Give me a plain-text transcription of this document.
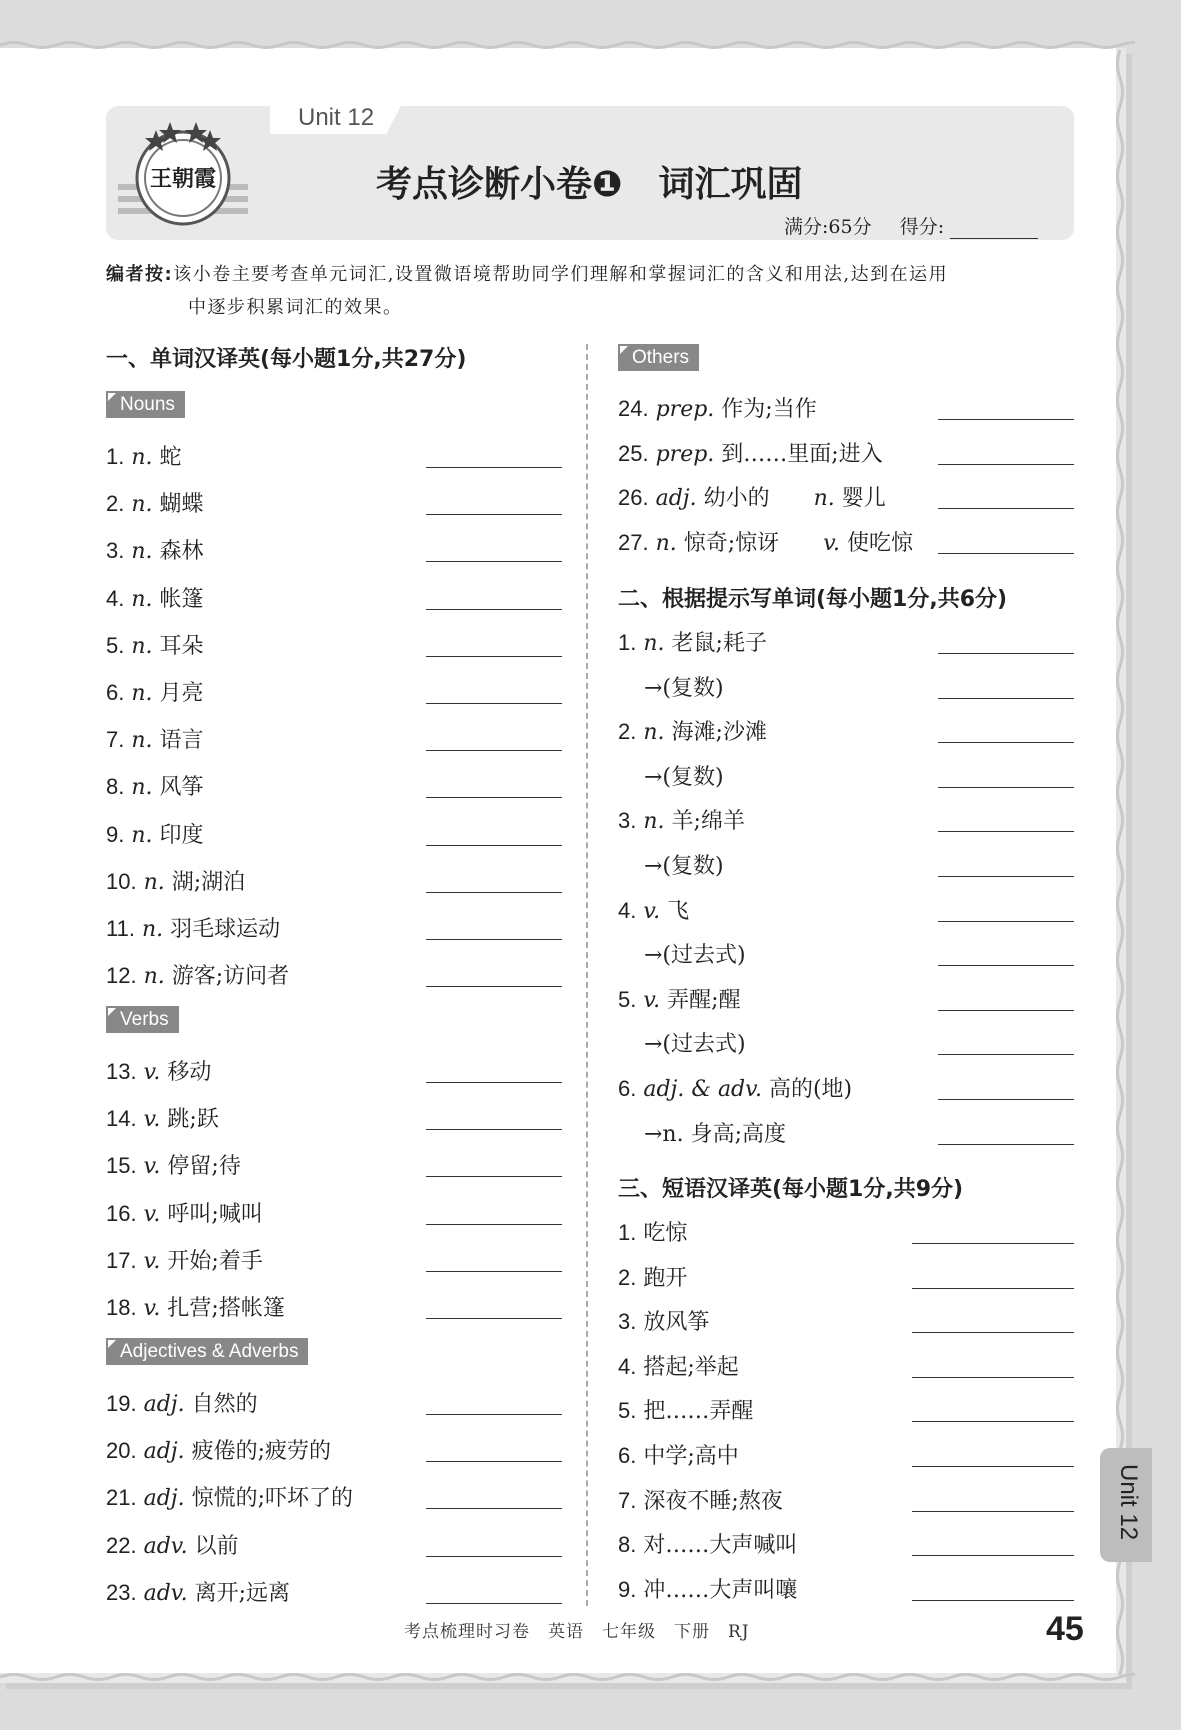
王朝霞
Unit 12
考点诊断小卷❶　词汇巩固
满分:65分 得分:
编者按:该小卷主要考查单元词汇,设置微语境帮助同学们理解和掌握词汇的含义和用法,达到在运用
中逐步积累词汇的效果。
一、单词汉译英(每小题1分,共27分)
Nouns
1. n. 蛇
2. n. 蝴蝶
3. n. 森林
4. n. 帐篷
5. n. 耳朵
6. n. 月亮
7. n. 语言
8. n. 风筝
9. n. 印度
10. n. 湖;湖泊
11. n. 羽毛球运动
12. n. 游客;访问者
Verbs
13. v. 移动
14. v. 跳;跃
15. v. 停留;待
16. v. 呼叫;喊叫
17. v. 开始;着手
18. v. 扎营;搭帐篷
Adjectives & Adverbs
19. adj. 自然的
20. adj. 疲倦的;疲劳的
21. adj. 惊慌的;吓坏了的
22. adv. 以前
23. adv. 离开;远离
Others
24. prep. 作为;当作
25. prep. 到……里面;进入
26. adj. 幼小的   n. 婴儿
27. n. 惊奇;惊讶   v. 使吃惊
二、根据提示写单词(每小题1分,共6分)
1. n. 老鼠;耗子
→(复数)
2. n. 海滩;沙滩
→(复数)
3. n. 羊;绵羊
→(复数)
4. v. 飞
→(过去式)
5. v. 弄醒;醒
→(过去式)
6. adj. & adv. 高的(地)
→n. 身高;高度
三、短语汉译英(每小题1分,共9分)
1. 吃惊
2. 跑开
3. 放风筝
4. 搭起;举起
5. 把……弄醒
6. 中学;高中
7. 深夜不睡;熬夜
8. 对……大声喊叫
9. 冲……大声叫嚷
Unit 12
考点梳理时习卷　英语　七年级　下册　RJ	45
